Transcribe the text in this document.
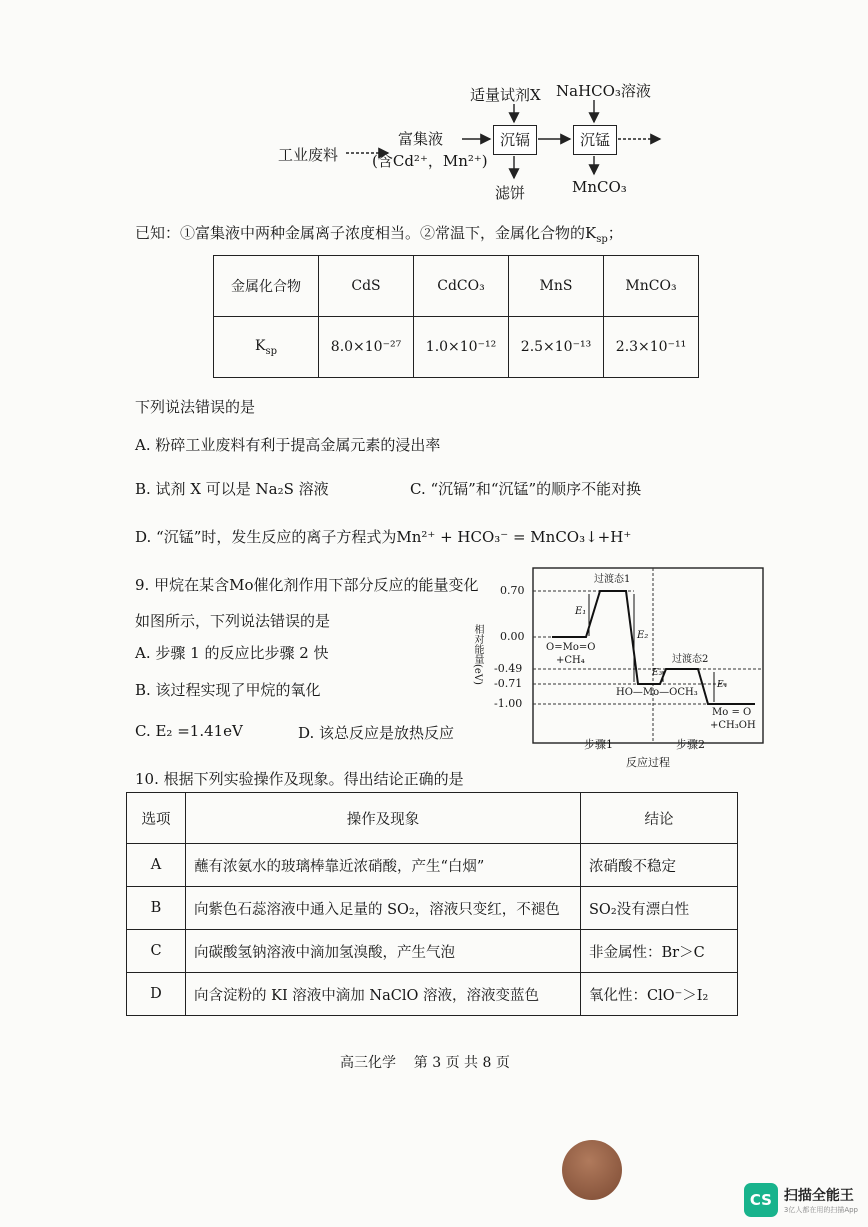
适量试剂X NaHCO₃溶液
工业废料
富集液
(含Cd²⁺，Mn²⁺)
沉镉	沉锰
滤饼	MnCO₃
已知：①富集液中两种金属离子浓度相当。②常温下，金属化合物的$K_{sp}$；
金属化合物	CdS	CdCO₃	MnS	MnCO₃
$K_{sp}$	8.0×10⁻²⁷	1.0×10⁻¹²	2.5×10⁻¹³	2.3×10⁻¹¹
下列说法错误的是
A. 粉碎工业废料有利于提高金属元素的浸出率
B. 试剂 X 可以是 Na₂S 溶液	C. “沉镉”和“沉锰”的顺序不能对换
D. “沉锰”时，发生反应的离子方程式为Mn²⁺ + HCO₃⁻ = MnCO₃↓+H⁺
9. 甲烷在某含Mo催化剂作用下部分反应的能量变化
如图所示，下列说法错误的是
A. 步骤 1 的反应比步骤 2 快
B. 该过程实现了甲烷的氧化
C. E₂ =1.41eV	D. 该总反应是放热反应
相对能量(eV)
0.70
0.00
-0.49
-0.71
-1.00
过渡态1
过渡态2
E₁
E₂
E₃
E₄
O=Mo=O
+CH₄
HO—Mo—OCH₃
Mo = O
+CH₃OH
步骤1	步骤2
反应过程
10. 根据下列实验操作及现象。得出结论正确的是
选项	操作及现象	结论
A	蘸有浓氨水的玻璃棒靠近浓硝酸，产生“白烟”	浓硝酸不稳定
B	向紫色石蕊溶液中通入足量的 SO₂，溶液只变红，不褪色	SO₂没有漂白性
C	向碳酸氢钠溶液中滴加氢溴酸，产生气泡	非金属性：Br＞C
D	向含淀粉的 KI 溶液中滴加 NaClO 溶液，溶液变蓝色	氧化性：ClO⁻＞I₂
高三化学    第 3 页 共 8 页
CS 扫描全能王
3亿人都在用的扫描App
